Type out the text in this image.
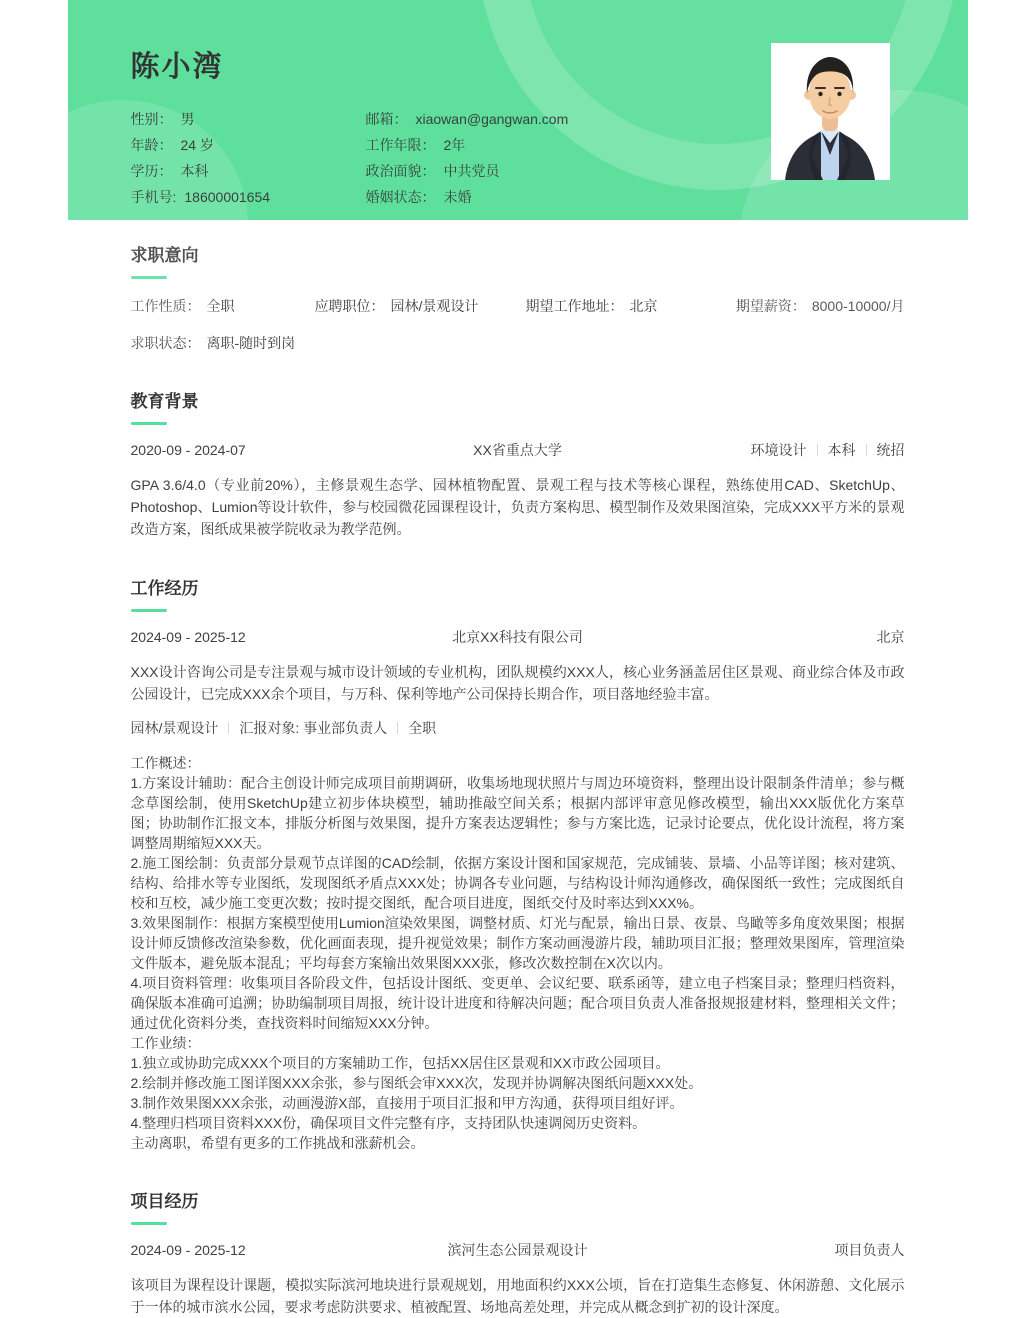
陈小湾
性别： 男
年龄： 24 岁
学历： 本科
手机号: 18600001654
邮箱： xiaowan@gangwan.com
工作年限： 2年
政治面貌： 中共党员
婚姻状态： 未婚
求职意向
工作性质： 全职	应聘职位： 园林/景观设计	期望工作地址： 北京	期望薪资： 8000-10000/月
求职状态： 离职-随时到岗
教育背景
2020-09 - 2024-07	XX省重点大学	环境设计 本科 统招

GPA 3.6/4.0（专业前20%），主修景观生态学、园林植物配置、景观工程与技术等核心课程，熟练使用CAD、SketchUp、Photoshop、Lumion等设计软件，参与校园微花园课程设计，负责方案构思、模型制作及效果图渲染，完成XXX平方米的景观改造方案，图纸成果被学院收录为教学范例。

工作经历
2024-09 - 2025-12	北京XX科技有限公司	北京

XXX设计咨询公司是专注景观与城市设计领域的专业机构，团队规模约XXX人，核心业务涵盖居住区景观、商业综合体及市政公园设计，已完成XXX余个项目，与万科、保利等地产公司保持长期合作，项目落地经验丰富。

园林/景观设计 汇报对象: 事业部负责人 全职

工作概述：

1.方案设计辅助：配合主创设计师完成项目前期调研，收集场地现状照片与周边环境资料，整理出设计限制条件清单；参与概念草图绘制，使用SketchUp建立初步体块模型，辅助推敲空间关系；根据内部评审意见修改模型，输出XXX版优化方案草图；协助制作汇报文本，排版分析图与效果图，提升方案表达逻辑性；参与方案比选，记录讨论要点，优化设计流程，将方案调整周期缩短XXX天。

2.施工图绘制：负责部分景观节点详图的CAD绘制，依据方案设计图和国家规范，完成铺装、景墙、小品等详图；核对建筑、结构、给排水等专业图纸，发现图纸矛盾点XXX处；协调各专业问题，与结构设计师沟通修改，确保图纸一致性；完成图纸自校和互校，减少施工变更次数；按时提交图纸，配合项目进度，图纸交付及时率达到XXX%。

3.效果图制作：根据方案模型使用Lumion渲染效果图，调整材质、灯光与配景，输出日景、夜景、鸟瞰等多角度效果图；根据设计师反馈修改渲染参数，优化画面表现，提升视觉效果；制作方案动画漫游片段，辅助项目汇报；整理效果图库，管理渲染文件版本，避免版本混乱；平均每套方案输出效果图XXX张，修改次数控制在X次以内。

4.项目资料管理：收集项目各阶段文件，包括设计图纸、变更单、会议纪要、联系函等，建立电子档案目录；整理归档资料，确保版本准确可追溯；协助编制项目周报，统计设计进度和待解决问题；配合项目负责人准备报规报建材料，整理相关文件；通过优化资料分类，查找资料时间缩短XXX分钟。

工作业绩：

1.独立或协助完成XXX个项目的方案辅助工作，包括XX居住区景观和XX市政公园项目。

2.绘制并修改施工图详图XXX余张，参与图纸会审XXX次，发现并协调解决图纸问题XXX处。

3.制作效果图XXX余张，动画漫游X部，直接用于项目汇报和甲方沟通，获得项目组好评。

4.整理归档项目资料XXX份，确保项目文件完整有序，支持团队快速调阅历史资料。

主动离职，希望有更多的工作挑战和涨薪机会。

项目经历
2024-09 - 2025-12	滨河生态公园景观设计	项目负责人

该项目为课程设计课题，模拟实际滨河地块进行景观规划，用地面积约XXX公顷，旨在打造集生态修复、休闲游憩、文化展示于一体的城市滨水公园，要求考虑防洪要求、植被配置、场地高差处理，并完成从概念到扩初的设计深度。
